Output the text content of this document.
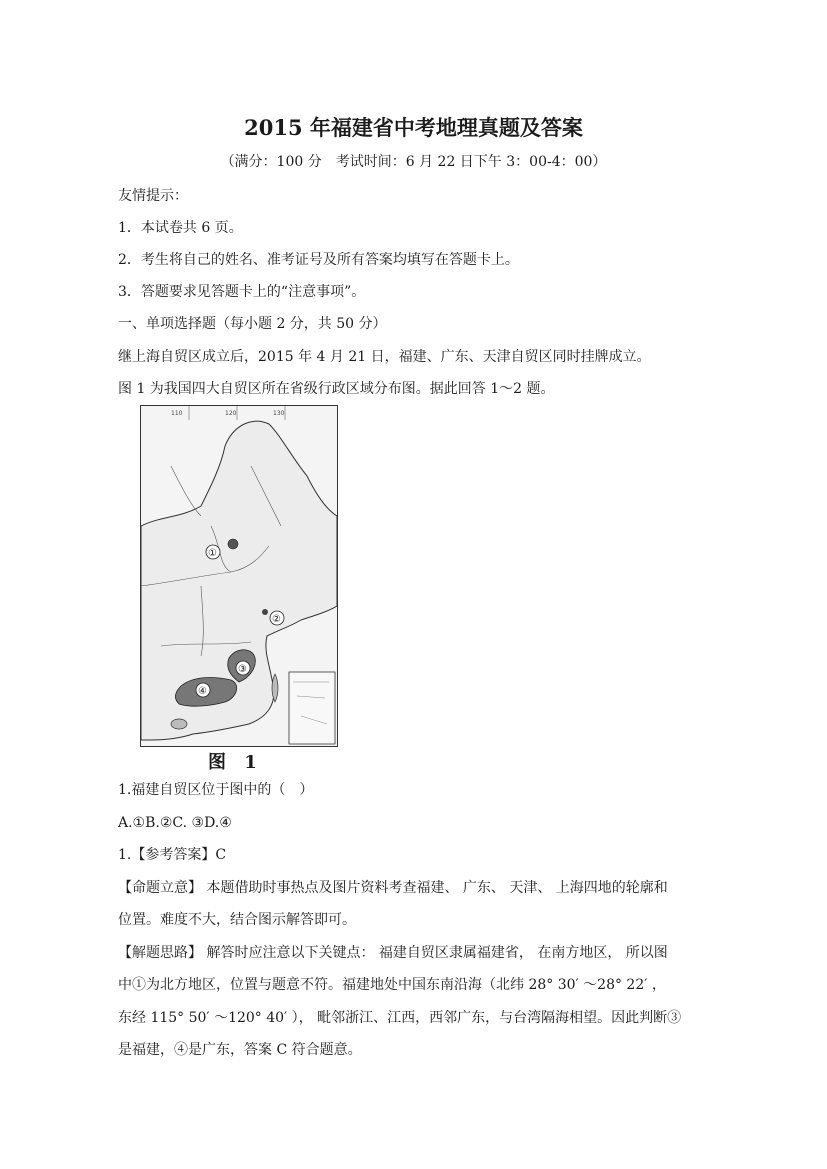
2015 年福建省中考地理真题及答案
（满分：100 分　考试时间：6 月 22 日下午 3：00-4：00）
友情提示：
1．本试卷共 6 页。
2．考生将自己的姓名、准考证号及所有答案均填写在答题卡上。
3．答题要求见答题卡上的“注意事项”。
一、单项选择题（每小题 2 分，共 50 分）
继上海自贸区成立后，2015 年 4 月 21 日，福建、广东、天津自贸区同时挂牌成立。
图 1 为我国四大自贸区所在省级行政区域分布图。据此回答 1～2 题。
110	120	130
①
②
③
④
图 1
1.福建自贸区位于图中的（　）
A.①B.②C. ③D.④
1.【参考答案】C
【命题立意】 本题借助时事热点及图片资料考查福建、 广东、 天津、 上海四地的轮廓和
位置。难度不大，结合图示解答即可。
【解题思路】 解答时应注意以下关键点： 福建自贸区隶属福建省， 在南方地区， 所以图
中①为北方地区，位置与题意不符。福建地处中国东南沿海（北纬 28° 30′ ～28° 22′ ，
东经 115° 50′ ～120° 40′ ）， 毗邻浙江、江西，西邻广东，与台湾隔海相望。因此判断③
是福建，④是广东，答案 C 符合题意。
